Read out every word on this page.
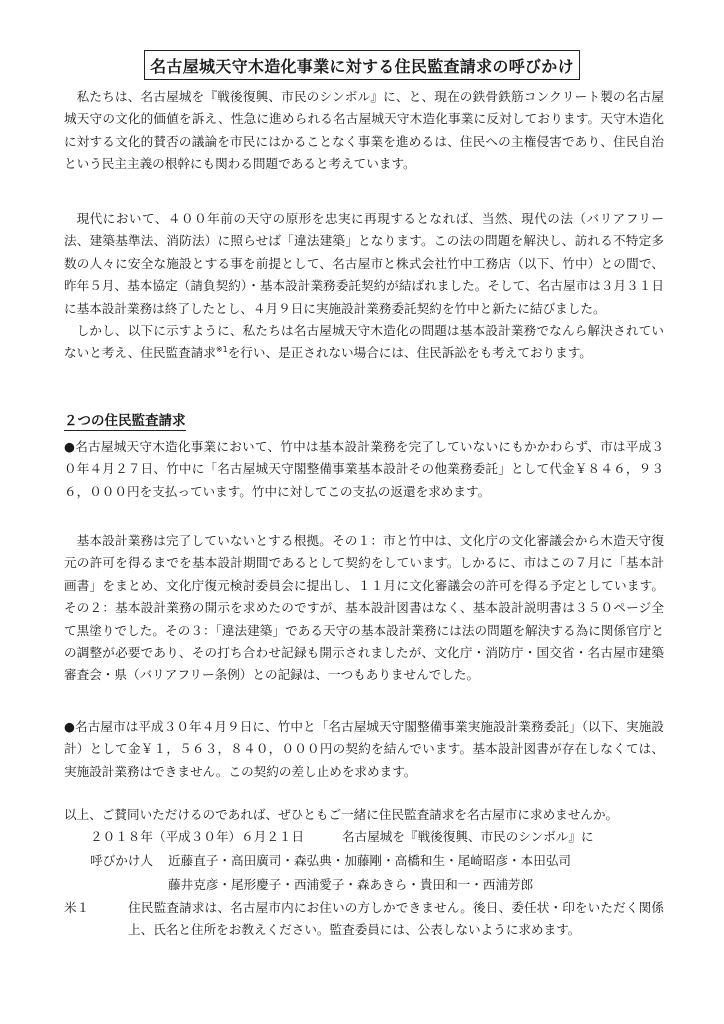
名古屋城天守木造化事業に対する住民監査請求の呼びかけ

私たちは、名古屋城を『戦後復興、市民のシンボル』に、と、現在の鉄骨鉄筋コンクリート製の名古屋城天守の文化的価値を訴え、性急に進められる名古屋城天守木造化事業に反対しております。天守木造化に対する文化的賛否の議論を市民にはかることなく事業を進めるは、住民への主権侵害であり、住民自治という民主主義の根幹にも関わる問題であると考えています。

現代において、４００年前の天守の原形を忠実に再現するとなれば、当然、現代の法（バリアフリー法、建築基準法、消防法）に照らせば「違法建築」となります。この法の問題を解決し、訪れる不特定多数の人々に安全な施設とする事を前提として、名古屋市と株式会社竹中工務店（以下、竹中）との間で、昨年５月、基本協定（請負契約）・基本設計業務委託契約が結ばれました。そして、名古屋市は３月３１日に基本設計業務は終了したとし、４月９日に実施設計業務委託契約を竹中と新たに結びました。

しかし、以下に示すように、私たちは名古屋城天守木造化の問題は基本設計業務でなんら解決されていないと考え、住民監査請求$^{※1}$を行い、是正されない場合には、住民訴訟をも考えております。

２つの住民監査請求

●名古屋城天守木造化事業において、竹中は基本設計業務を完了していないにもかかわらず、市は平成３０年４月２７日、竹中に「名古屋城天守閣整備事業基本設計その他業務委託」として代金￥８４６，９３６，０００円を支払っています。竹中に対してこの支払の返還を求めます。

基本設計業務は完了していないとする根拠。その１：市と竹中は、文化庁の文化審議会から木造天守復元の許可を得るまでを基本設計期間であるとして契約をしています。しかるに、市はこの７月に「基本計画書」をまとめ、文化庁復元検討委員会に提出し、１１月に文化審議会の許可を得る予定としています。その２：基本設計業務の開示を求めたのですが、基本設計図書はなく、基本設計説明書は３５０ページ全て黒塗りでした。その３：「違法建築」である天守の基本設計業務には法の問題を解決する為に関係官庁との調整が必要であり、その打ち合わせ記録も開示されましたが、文化庁・消防庁・国交省・名古屋市建築審査会・県（バリアフリー条例）との記録は、一つもありませんでした。

●名古屋市は平成３０年４月９日に、竹中と「名古屋城天守閣整備事業実施設計業務委託」（以下、実施設計）として金￥１，５６３，８４０，０００円の契約を結んでいます。基本設計図書が存在しなくては、実施設計業務はできません。この契約の差し止めを求めます。

以上、ご賛同いただけるのであれば、ぜひともご一緒に住民監査請求を名古屋市に求めませんか。
２０１８年（平成３０年）６月２１日	名古屋城を『戦後復興、市民のシンボル』に
呼びかけ人 近藤直子・高田廣司・森弘典・加藤剛・高橋和生・尾崎昭彦・本田弘司
藤井克彦・尾形慶子・西浦愛子・森あきら・貴田和一・西浦芳郎

米１	住民監査請求は、名古屋市内にお住いの方しかできません。後日、委任状・印をいただく関係上、氏名と住所をお教えください。監査委員には、公表しないように求めます。
